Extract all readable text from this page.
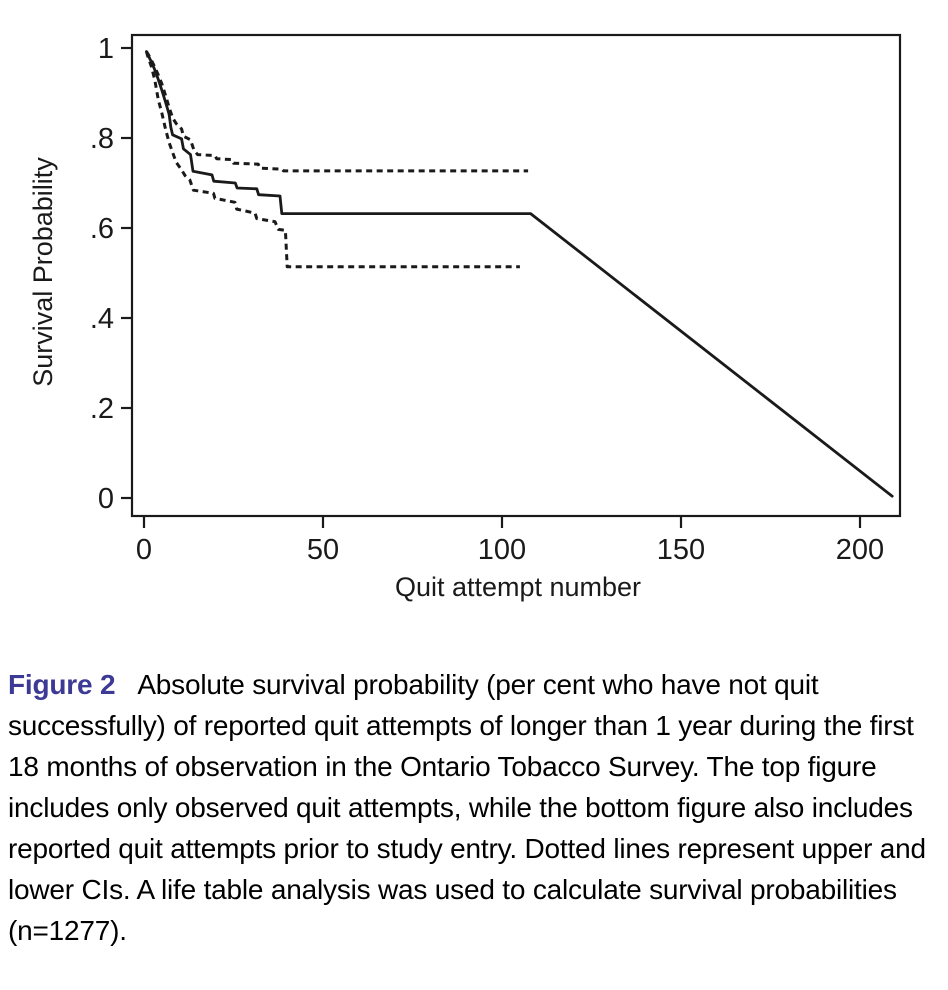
Survival Probability
Quit attempt number
0	50	100	150	200
1
.8
.6
.4
.2
0

Figure 2 Absolute survival probability (per cent who have not quit successfully) of reported quit attempts of longer than 1 year during the first 18 months of observation in the Ontario Tobacco Survey. The top figure includes only observed quit attempts, while the bottom figure also includes reported quit attempts prior to study entry. Dotted lines represent upper and lower CIs. A life table analysis was used to calculate survival probabilities (n=1277).
